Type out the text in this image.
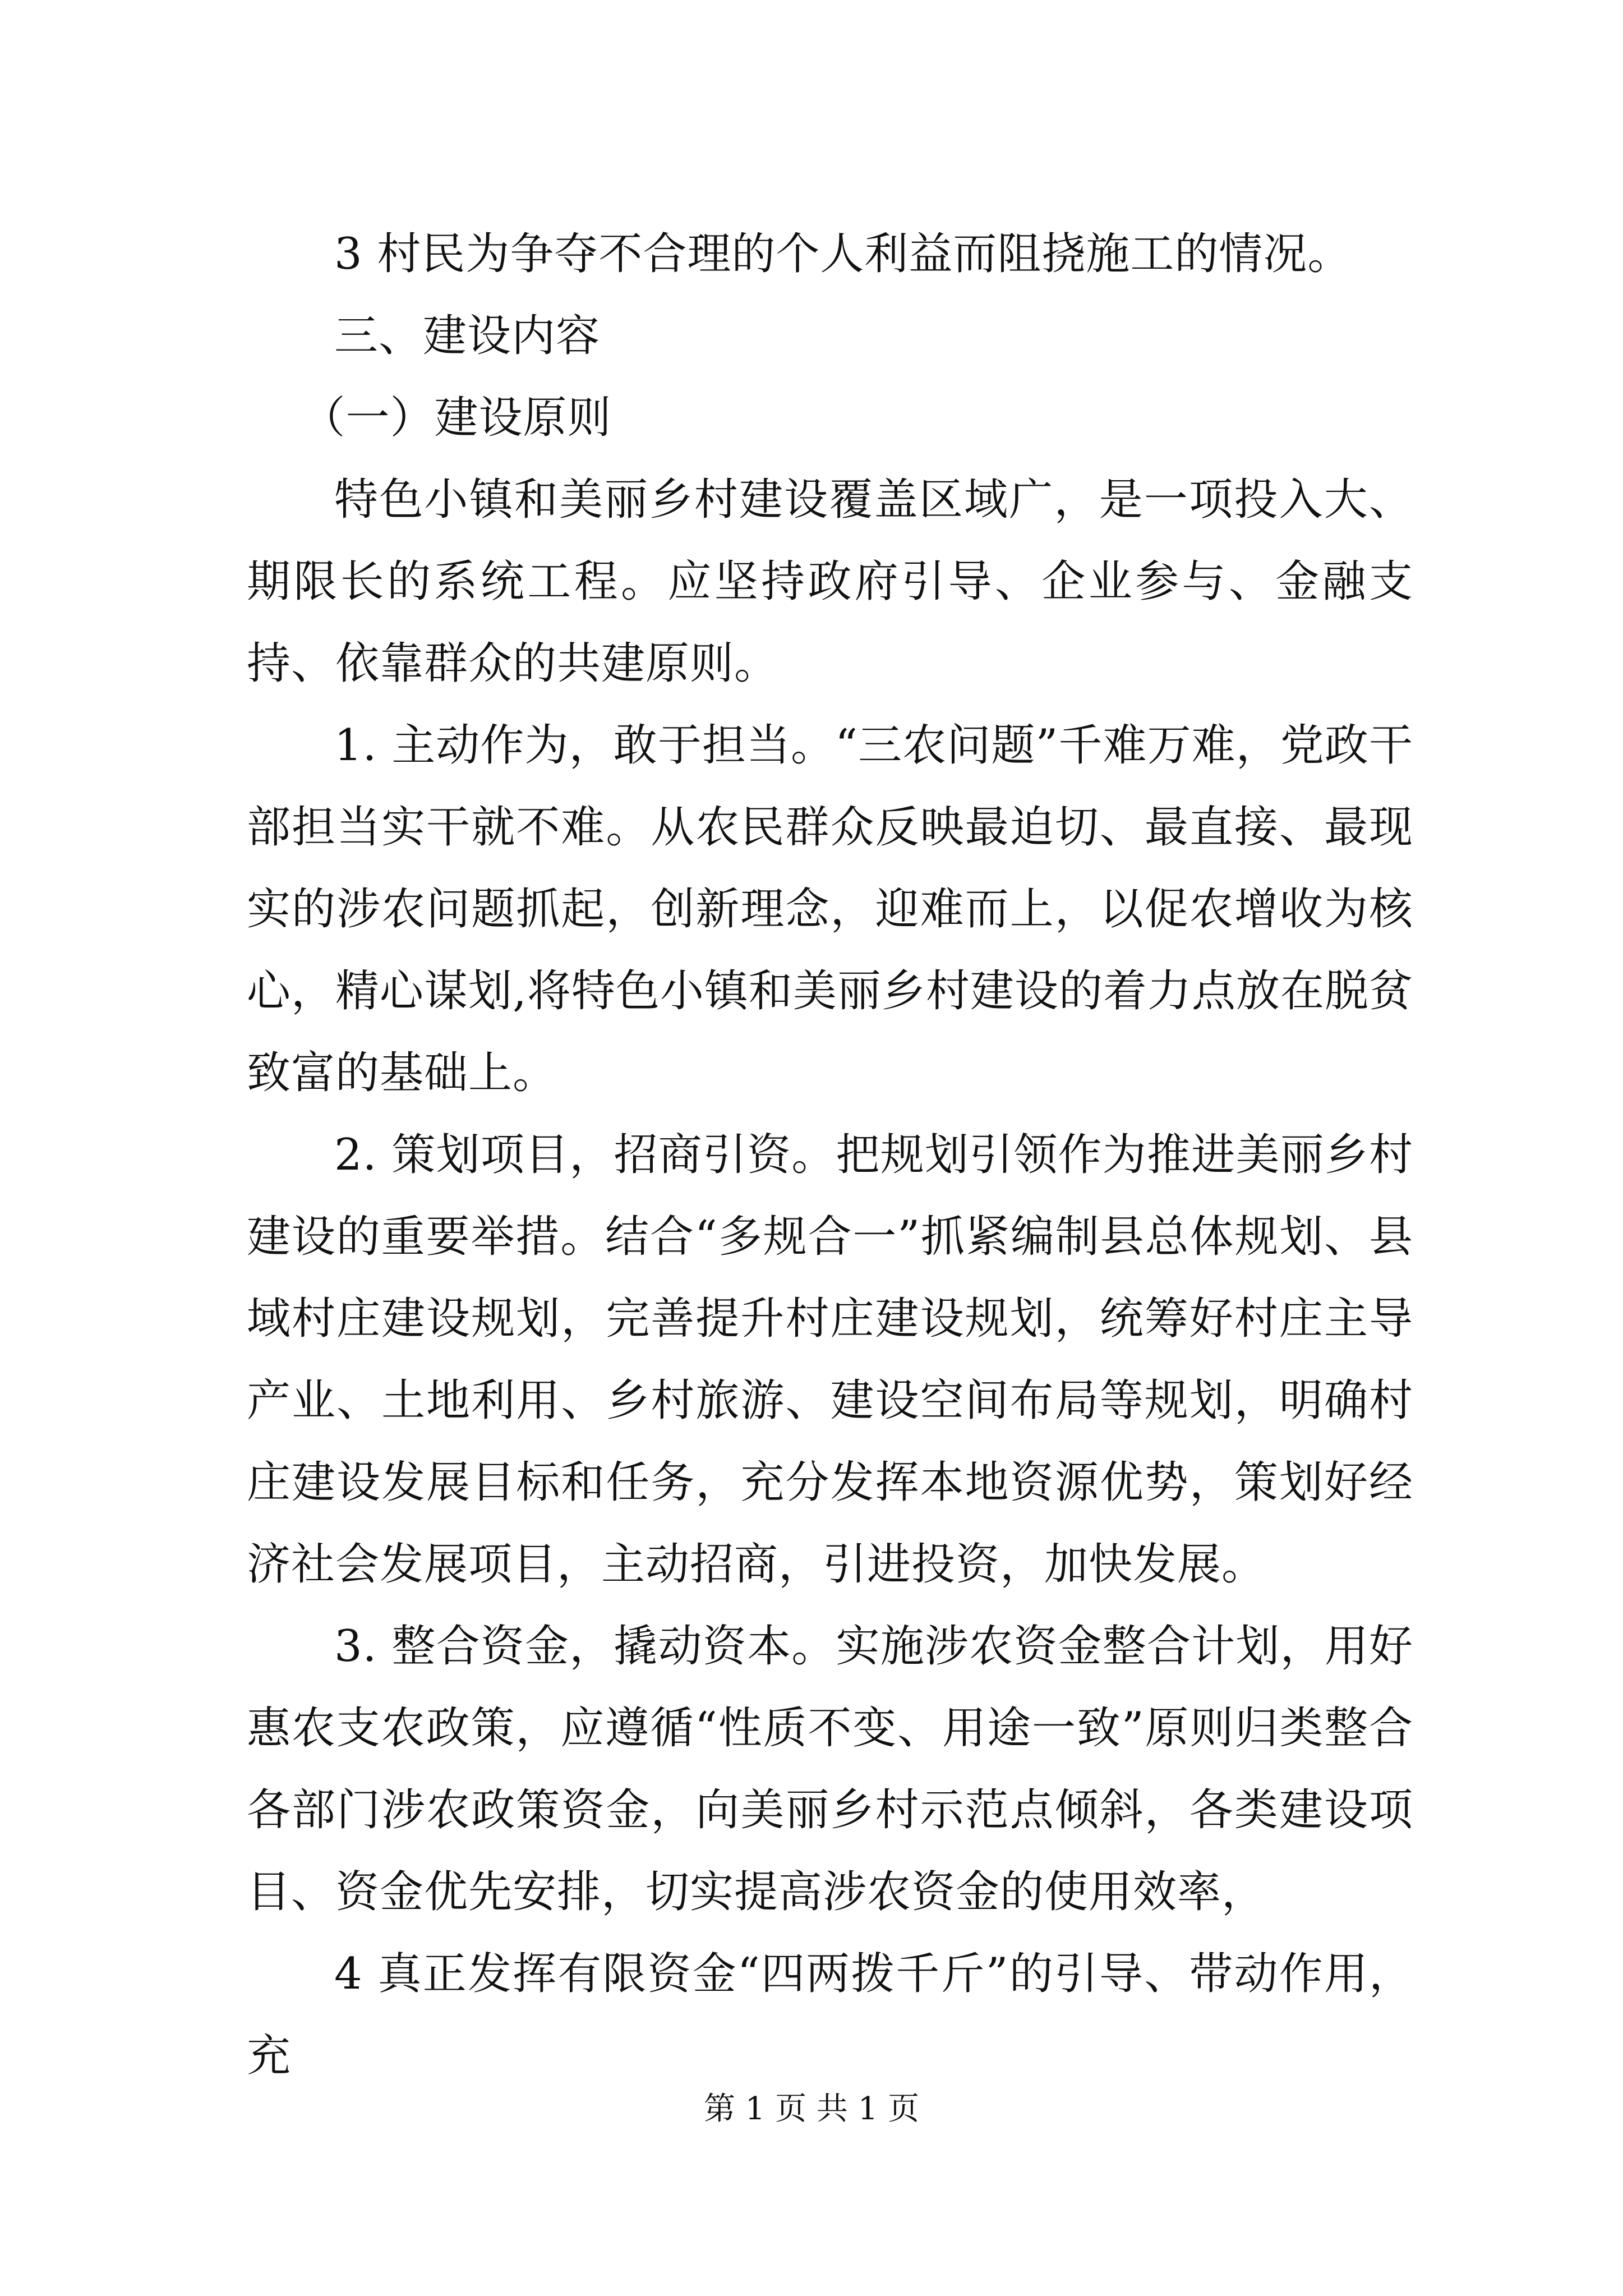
3 村民为争夺不合理的个人利益而阻挠施工的情况。

三、建设内容

（一）建设原则

特色小镇和美丽乡村建设覆盖区域广，是一项投入大、期限长的系统工程。应坚持政府引导、企业参与、金融支持、依靠群众的共建原则。

1. 主动作为，敢于担当。“三农问题”千难万难，党政干部担当实干就不难。从农民群众反映最迫切、最直接、最现实的涉农问题抓起，创新理念，迎难而上，以促农增收为核心，精心谋划,将特色小镇和美丽乡村建设的着力点放在脱贫致富的基础上。

2. 策划项目，招商引资。把规划引领作为推进美丽乡村建设的重要举措。结合“多规合一”抓紧编制县总体规划、县域村庄建设规划，完善提升村庄建设规划，统筹好村庄主导产业、土地利用、乡村旅游、建设空间布局等规划，明确村庄建设发展目标和任务，充分发挥本地资源优势，策划好经济社会发展项目，主动招商，引进投资，加快发展。

3. 整合资金，撬动资本。实施涉农资金整合计划，用好惠农支农政策，应遵循“性质不变、用途一致”原则归类整合各部门涉农政策资金，向美丽乡村示范点倾斜，各类建设项目、资金优先安排，切实提高涉农资金的使用效率，

4 真正发挥有限资金“四两拨千斤”的引导、带动作用，充

第 1 页 共 1 页
